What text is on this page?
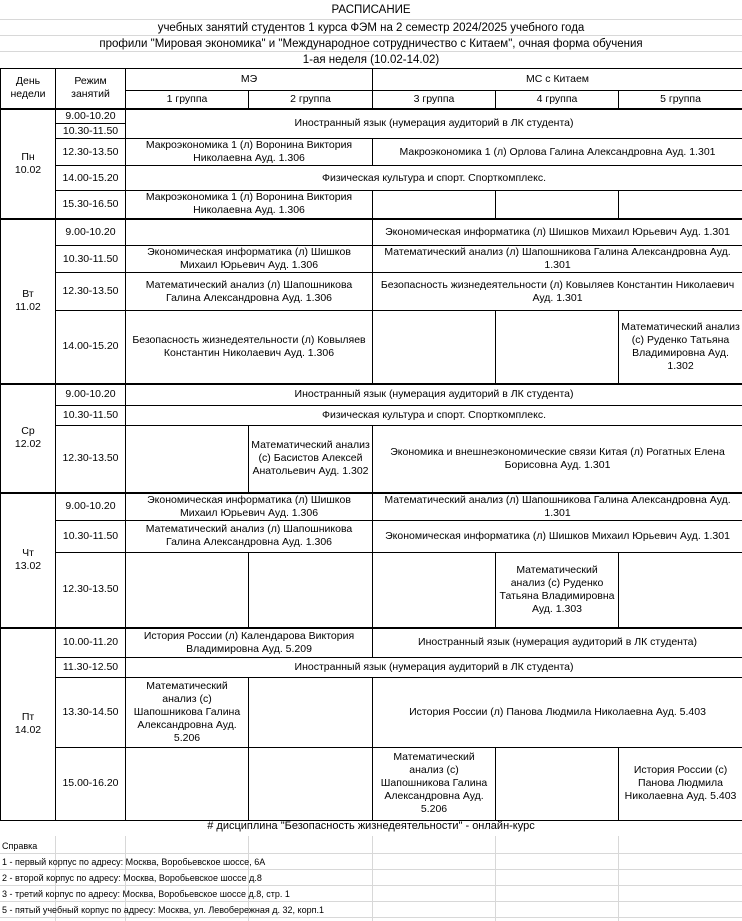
РАСПИСАНИЕ
учебных занятий студентов 1 курса ФЭМ на 2 семестр 2024/2025 учебного года
профили "Мировая экономика" и "Международное сотрудничество с Китаем", очная форма обучения
1-ая неделя (10.02-14.02)
День недели	Режим занятий	МЭ		МС с Китаем		
		1 группа	2 группа	3 группа	4 группа	5 группа
Пн
10.02	9.00-10.20	Иностранный язык (нумерация аудиторий в ЛК студента)				
	10.30-11.50					
	12.30-13.50	Макроэкономика 1 (л) Воронина Виктория Николаевна Ауд. 1.306		Макроэкономика 1 (л) Орлова Галина Александровна Ауд. 1.301		
	14.00-15.20	Физическая культура и спорт. Спорткомплекс.				
	15.30-16.50	Макроэкономика 1 (л) Воронина Виктория Николаевна Ауд. 1.306				
Вт
11.02	9.00-10.20			Экономическая информатика (л) Шишков Михаил Юрьевич Ауд. 1.301		
	10.30-11.50	Экономическая информатика (л) Шишков Михаил Юрьевич Ауд. 1.306		Математический анализ (л) Шапошникова Галина Александровна Ауд. 1.301		
	12.30-13.50	Математический анализ (л) Шапошникова Галина Александровна Ауд. 1.306		Безопасность жизнедеятельности (л) Ковыляев Константин Николаевич Ауд. 1.301		
	14.00-15.20	Безопасность жизнедеятельности (л) Ковыляев Константин Николаевич Ауд. 1.306				Математический анализ (с) Руденко Татьяна Владимировна Ауд. 1.302
Ср
12.02	9.00-10.20	Иностранный язык (нумерация аудиторий в ЛК студента)				
	10.30-11.50	Физическая культура и спорт. Спорткомплекс.				
	12.30-13.50		Математический анализ (с) Басистов Алексей Анатольевич Ауд. 1.302	Экономика и внешнеэкономические связи Китая (л) Рогатных Елена Борисовна Ауд. 1.301		
Чт
13.02	9.00-10.20	Экономическая информатика (л) Шишков Михаил Юрьевич Ауд. 1.306		Математический анализ (л) Шапошникова Галина Александровна Ауд. 1.301		
	10.30-11.50	Математический анализ (л) Шапошникова Галина Александровна Ауд. 1.306		Экономическая информатика (л) Шишков Михаил Юрьевич Ауд. 1.301		
	12.30-13.50				Математический анализ (с) Руденко Татьяна Владимировна Ауд. 1.303	
Пт
14.02	10.00-11.20	История России (л) Календарова Виктория Владимировна Ауд. 5.209		Иностранный язык (нумерация аудиторий в ЛК студента)		
	11.30-12.50	Иностранный язык (нумерация аудиторий в ЛК студента)				
	13.30-14.50	Математический анализ (с) Шапошникова Галина Александровна Ауд. 5.206		История России (л) Панова Людмила Николаевна Ауд. 5.403		
	15.00-16.20			Математический анализ (с) Шапошникова Галина Александровна Ауд. 5.206		История России (с) Панова Людмила Николаевна Ауд. 5.403
# дисциплина "Безопасность жизнедеятельности" - онлайн-курс
Справка
1 - первый корпус по адресу: Москва, Воробьевское шоссе, 6А
2 - второй корпус по адресу: Москва, Воробьевское шоссе д.8
3 - третий корпус по адресу: Москва, Воробьевское шоссе д.8, стр. 1
5 - пятый учебный корпус по адресу: Москва, ул. Левобережная д. 32, корп.1
